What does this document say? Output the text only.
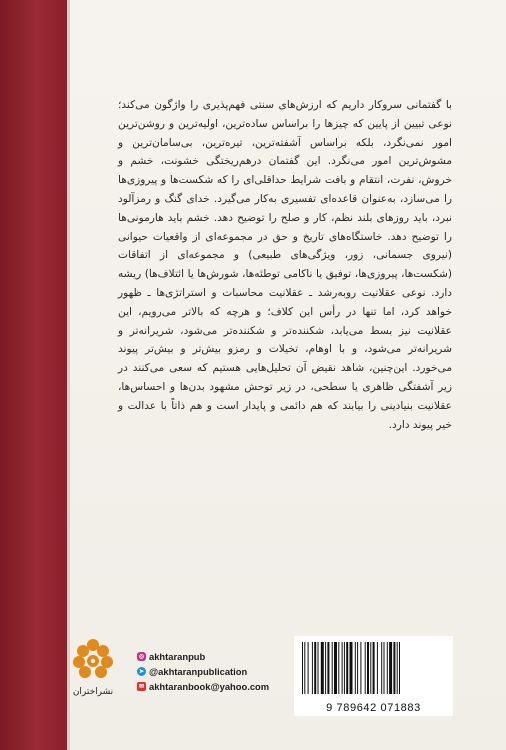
با گفتمانی سروکار داریم که ارزش‌های سنتی فهم‌پذیری را واژگون می‌کند؛ نوعی تبیین از پایین که چیزها را براساس ساده‌ترین، اولیه‌ترین و روشن‌ترین امور نمی‌نگرد، بلکه براساس آشفته‌ترین، تیره‌ترین، بی‌سامان‌ترین و مشوش‌ترین امور می‌نگرد. این گفتمان درهم‌ریختگی خشونت، خشم و خروش، نفرت، انتقام و بافت شرایط حداقلی‌ای را که شکست‌ها و پیروزی‌ها را می‌سازد، به‌عنوان قاعده‌ای تفسیری به‌کار می‌گیرد. خدای گنگ و رمزآلود نبرد، باید روزهای بلند نظم، کار و صلح را توضیح دهد. خشم باید هارمونی‌ها را توضیح دهد. خاستگاه‌های تاریخ و حق در مجموعه‌ای از واقعیات حیوانی (نیروی جسمانی، زور، ویژگی‌های طبیعی) و مجموعه‌ای از اتفاقات (شکست‌ها، پیروزی‌ها، توفیق یا ناکامی توطئه‌ها، شورش‌ها یا ائتلاف‌ها) ریشه دارد. نوعی عقلانیت روبه‌رشد ـ عقلانیت محاسبات و استراتژی‌ها ـ ظهور خواهد کرد، اما تنها در رأس این کلاف؛ و هرچه که بالاتر می‌رویم، این عقلانیت نیز بسط می‌یابد، شکننده‌تر و شکننده‌تر می‌شود، شریرانه‌تر و شریرانه‌تر می‌شود، و با اوهام، تخیلات و رمزو بیش‌تر و بیش‌تر پیوند می‌خورد. این‌چنین، شاهد نقیض آن تحلیل‌هایی هستیم که سعی می‌کنند در زیر آشفتگی ظاهری یا سطحی، در زیر توحش مشهود بدن‌ها و احساس‌ها، عقلانیت بنیادینی را بیابند که هم دائمی و پایدار است و هم ذاتاً با عدالت و خیر پیوند دارد.

نشراختران
◎ akhtaranpub
➤ @akhtaranpublication
✉ akhtaranbook@yahoo.com
9 789642 071883
